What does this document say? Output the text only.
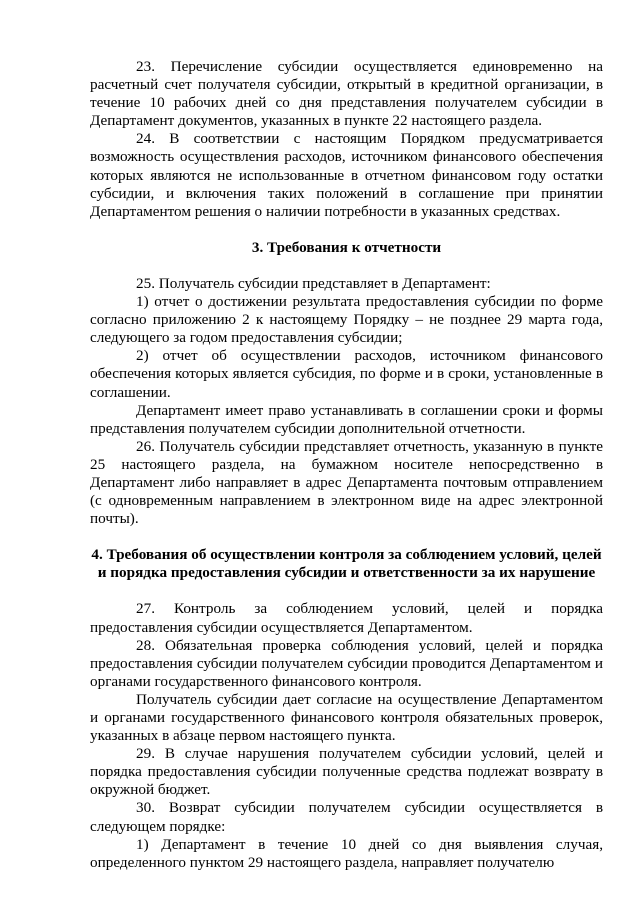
23. Перечисление субсидии осуществляется единовременно на расчетный счет получателя субсидии, открытый в кредитной организации, в течение 10 рабочих дней со дня представления получателем субсидии в Департамент документов, указанных в пункте 22 настоящего раздела.

24. В соответствии с настоящим Порядком предусматривается возможность осуществления расходов, источником финансового обеспечения которых являются не использованные в отчетном финансовом году остатки субсидии, и включения таких положений в соглашение при принятии Департаментом решения о наличии потребности в указанных средствах.

3. Требования к отчетности

25. Получатель субсидии представляет в Департамент:

1) отчет о достижении результата предоставления субсидии по форме согласно приложению 2 к настоящему Порядку – не позднее 29 марта года, следующего за годом предоставления субсидии;

2) отчет об осуществлении расходов, источником финансового обеспечения которых является субсидия, по форме и в сроки, установленные в соглашении.

Департамент имеет право устанавливать в соглашении сроки и формы представления получателем субсидии дополнительной отчетности.

26. Получатель субсидии представляет отчетность, указанную в пункте 25 настоящего раздела, на бумажном носителе непосредственно в Департамент либо направляет в адрес Департамента почтовым отправлением (с одновременным направлением в электронном виде на адрес электронной почты).

4. Требования об осуществлении контроля за соблюдением условий, целей и порядка предоставления субсидии и ответственности за их нарушение

27. Контроль за соблюдением условий, целей и порядка предоставления субсидии осуществляется Департаментом.

28. Обязательная проверка соблюдения условий, целей и порядка предоставления субсидии получателем субсидии проводится Департаментом и органами государственного финансового контроля.

Получатель субсидии дает согласие на осуществление Департаментом и органами государственного финансового контроля обязательных проверок, указанных в абзаце первом настоящего пункта.

29. В случае нарушения получателем субсидии условий, целей и порядка предоставления субсидии полученные средства подлежат возврату в окружной бюджет.

30. Возврат субсидии получателем субсидии осуществляется в следующем порядке:

1) Департамент в течение 10 дней со дня выявления случая, определенного пунктом 29 настоящего раздела, направляет получателю
